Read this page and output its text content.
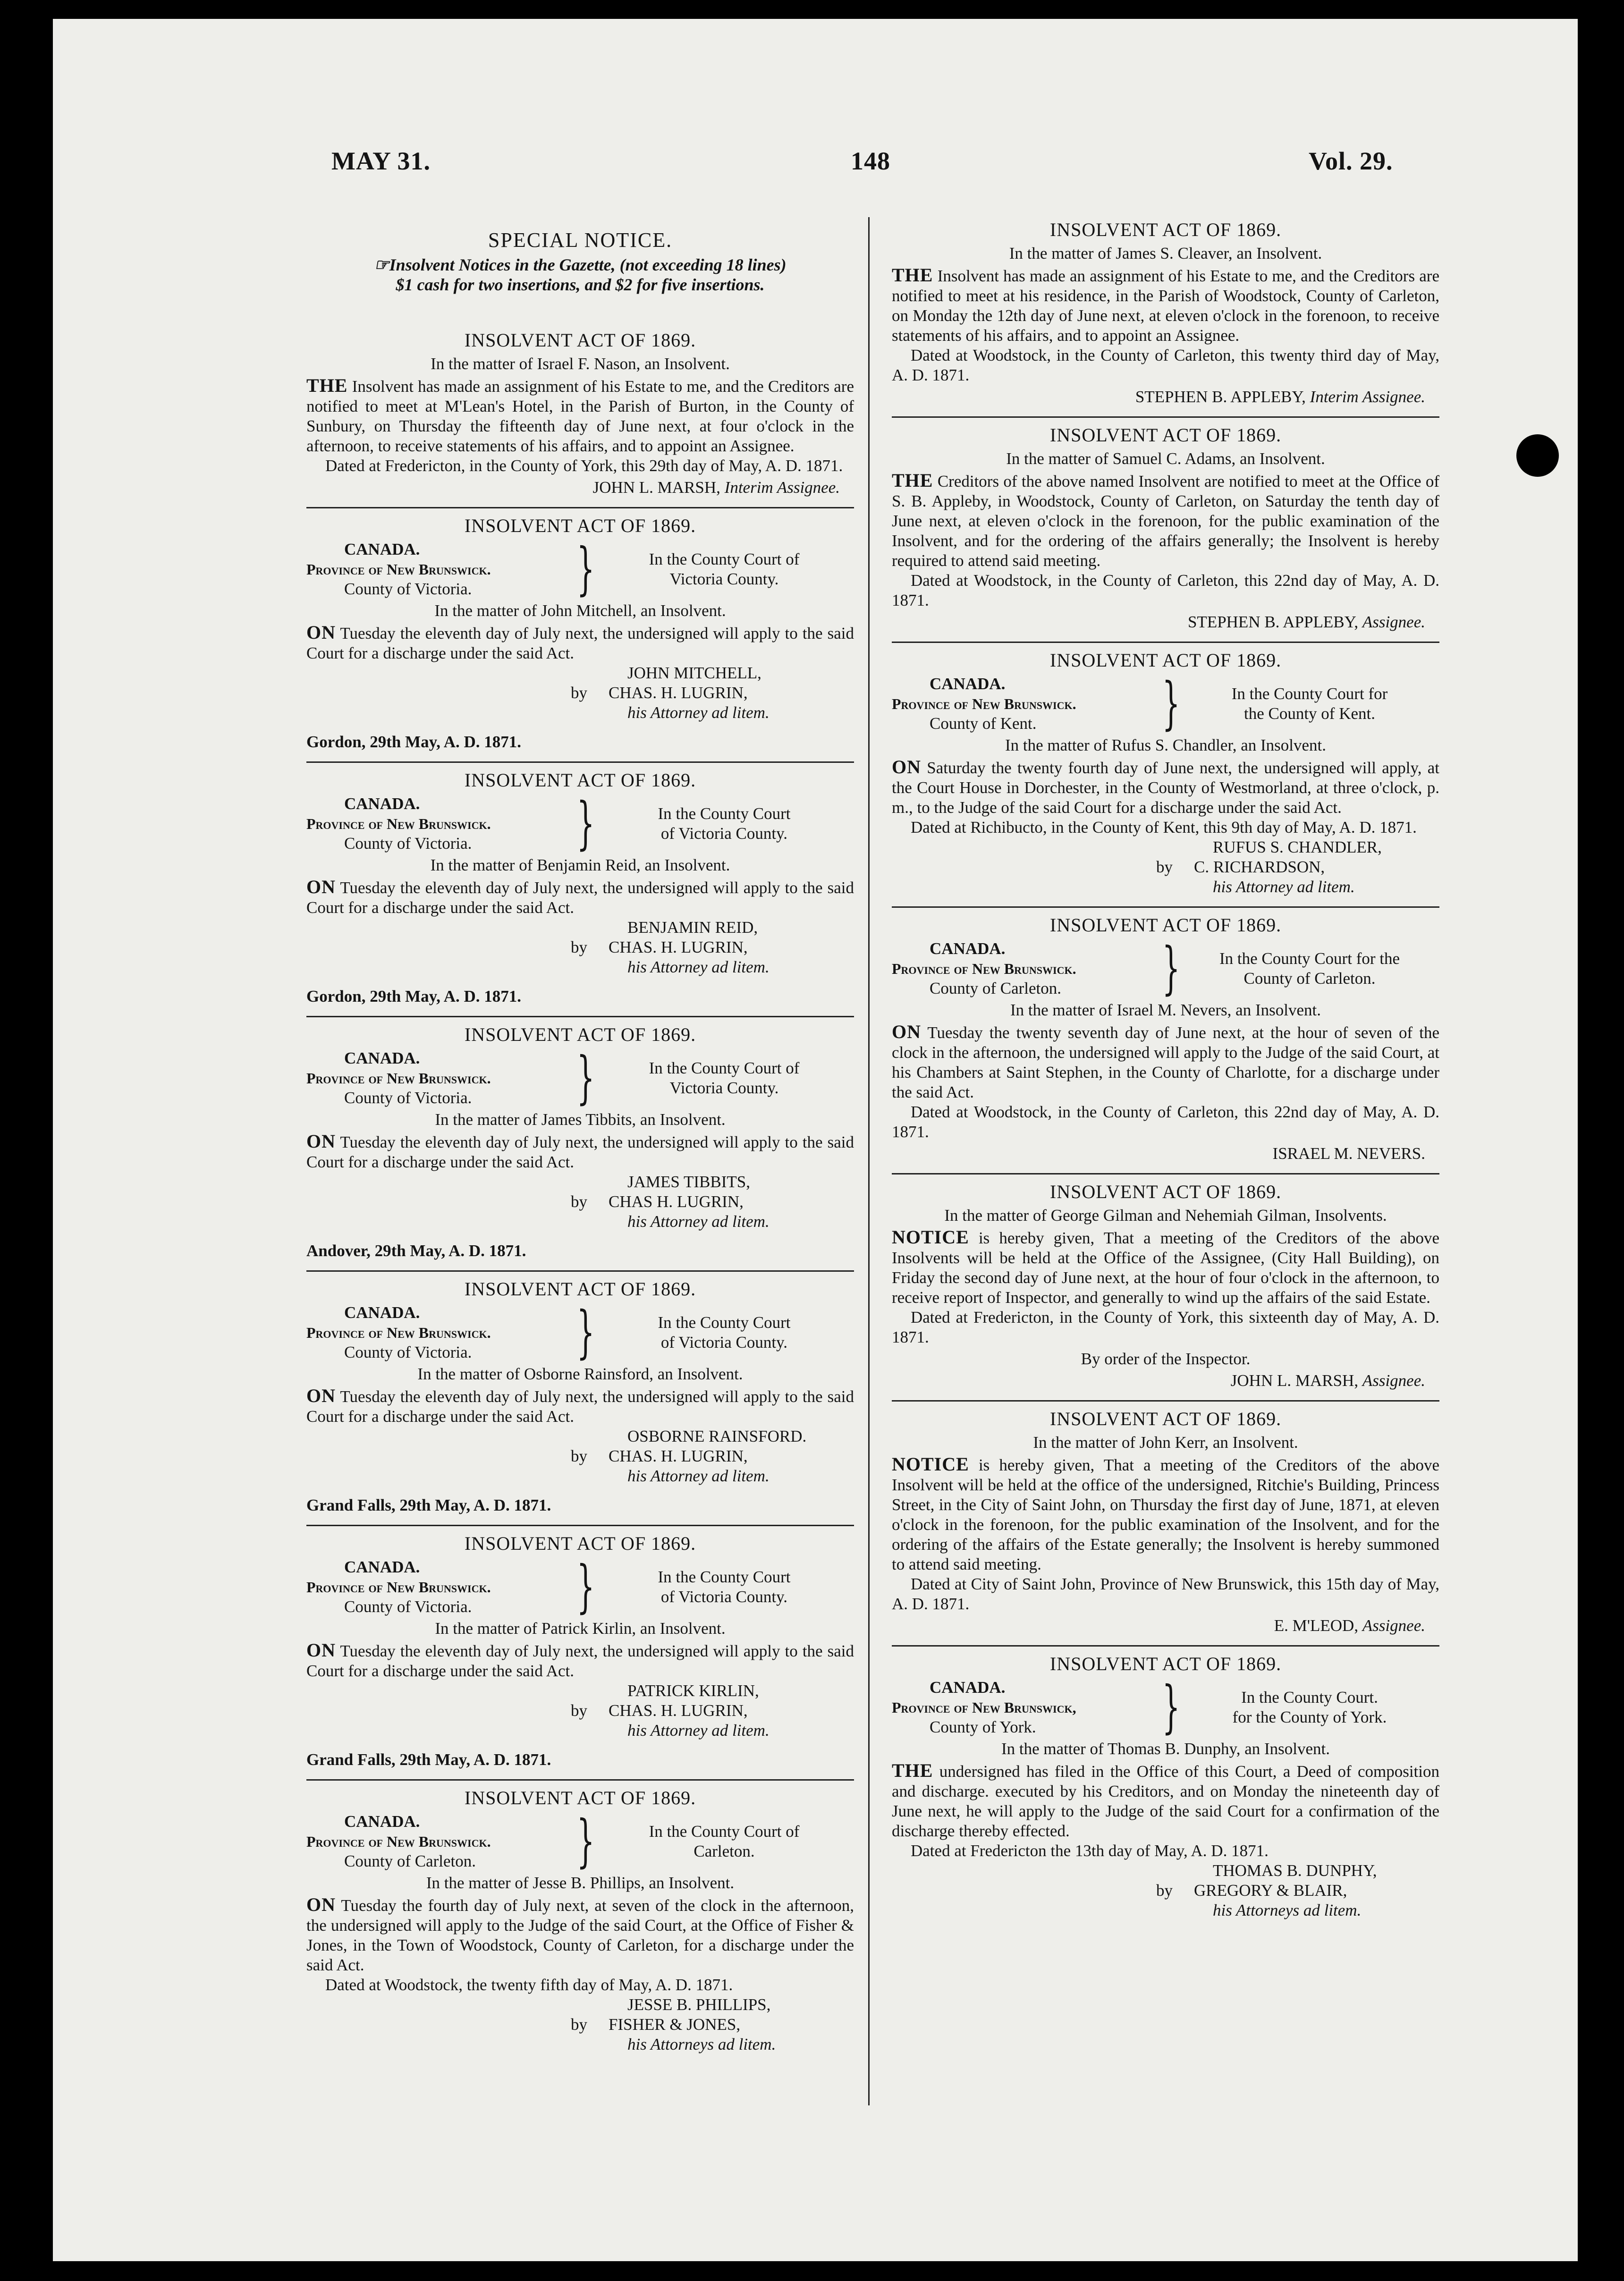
MAY 31.	148	Vol. 29.
SPECIAL NOTICE.
☞Insolvent Notices in the Gazette, (not exceeding 18 lines)
$1 cash for two insertions, and $2 for five insertions.
INSOLVENT ACT OF 1869.
In the matter of Israel F. Nason, an Insolvent.
THE Insolvent has made an assignment of his Estate to me, and the Creditors are notified to meet at M'Lean's Hotel, in the Parish of Burton, in the County of Sunbury, on Thursday the fifteenth day of June next, at four o'clock in the afternoon, to receive statements of his affairs, and to appoint an Assignee.
Dated at Fredericton, in the County of York, this 29th day of May, A. D. 1871.
JOHN L. MARSH, Interim Assignee.
INSOLVENT ACT OF 1869.
CANADA.
Province of New Brunswick.
County of Victoria.	}	In the County Court of
Victoria County.
In the matter of John Mitchell, an Insolvent.
ON Tuesday the eleventh day of July next, the undersigned will apply to the said Court for a discharge under the said Act.
JOHN MITCHELL,
by	CHAS. H. LUGRIN,
his Attorney ad litem.
Gordon, 29th May, A. D. 1871.
INSOLVENT ACT OF 1869.
CANADA.
Province of New Brunswick.
County of Victoria.	}	In the County Court
of Victoria County.
In the matter of Benjamin Reid, an Insolvent.
ON Tuesday the eleventh day of July next, the undersigned will apply to the said Court for a discharge under the said Act.
BENJAMIN REID,
by	CHAS. H. LUGRIN,
his Attorney ad litem.
Gordon, 29th May, A. D. 1871.
INSOLVENT ACT OF 1869.
CANADA.
Province of New Brunswick.
County of Victoria.	}	In the County Court of
Victoria County.
In the matter of James Tibbits, an Insolvent.
ON Tuesday the eleventh day of July next, the undersigned will apply to the said Court for a discharge under the said Act.
JAMES TIBBITS,
by	CHAS H. LUGRIN,
his Attorney ad litem.
Andover, 29th May, A. D. 1871.
INSOLVENT ACT OF 1869.
CANADA.
Province of New Brunswick.
County of Victoria.	}	In the County Court
of Victoria County.
In the matter of Osborne Rainsford, an Insolvent.
ON Tuesday the eleventh day of July next, the undersigned will apply to the said Court for a discharge under the said Act.
OSBORNE RAINSFORD.
by	CHAS. H. LUGRIN,
his Attorney ad litem.
Grand Falls, 29th May, A. D. 1871.
INSOLVENT ACT OF 1869.
CANADA.
Province of New Brunswick.
County of Victoria.	}	In the County Court
of Victoria County.
In the matter of Patrick Kirlin, an Insolvent.
ON Tuesday the eleventh day of July next, the undersigned will apply to the said Court for a discharge under the said Act.
PATRICK KIRLIN,
by	CHAS. H. LUGRIN,
his Attorney ad litem.
Grand Falls, 29th May, A. D. 1871.
INSOLVENT ACT OF 1869.
CANADA.
Province of New Brunswick.
County of Carleton.	}	In the County Court of
Carleton.
In the matter of Jesse B. Phillips, an Insolvent.
ON Tuesday the fourth day of July next, at seven of the clock in the afternoon, the undersigned will apply to the Judge of the said Court, at the Office of Fisher & Jones, in the Town of Woodstock, County of Carleton, for a discharge under the said Act.
Dated at Woodstock, the twenty fifth day of May, A. D. 1871.
JESSE B. PHILLIPS,
by	FISHER & JONES,
his Attorneys ad litem.
INSOLVENT ACT OF 1869.
In the matter of James S. Cleaver, an Insolvent.
THE Insolvent has made an assignment of his Estate to me, and the Creditors are notified to meet at his residence, in the Parish of Woodstock, County of Carleton, on Monday the 12th day of June next, at eleven o'clock in the forenoon, to receive statements of his affairs, and to appoint an Assignee.
Dated at Woodstock, in the County of Carleton, this twenty third day of May, A. D. 1871.
STEPHEN B. APPLEBY, Interim Assignee.
INSOLVENT ACT OF 1869.
In the matter of Samuel C. Adams, an Insolvent.
THE Creditors of the above named Insolvent are notified to meet at the Office of S. B. Appleby, in Woodstock, County of Carleton, on Saturday the tenth day of June next, at eleven o'clock in the forenoon, for the public examination of the Insolvent, and for the ordering of the affairs generally; the Insolvent is hereby required to attend said meeting.
Dated at Woodstock, in the County of Carleton, this 22nd day of May, A. D. 1871.
STEPHEN B. APPLEBY, Assignee.
INSOLVENT ACT OF 1869.
CANADA.
Province of New Brunswick.
County of Kent.	}	In the County Court for
the County of Kent.
In the matter of Rufus S. Chandler, an Insolvent.
ON Saturday the twenty fourth day of June next, the undersigned will apply, at the Court House in Dorchester, in the County of Westmorland, at three o'clock, p. m., to the Judge of the said Court for a discharge under the said Act.
Dated at Richibucto, in the County of Kent, this 9th day of May, A. D. 1871.
RUFUS S. CHANDLER,
by	C. RICHARDSON,
his Attorney ad litem.
INSOLVENT ACT OF 1869.
CANADA.
Province of New Brunswick.
County of Carleton.	}	In the County Court for the
County of Carleton.
In the matter of Israel M. Nevers, an Insolvent.
ON Tuesday the twenty seventh day of June next, at the hour of seven of the clock in the afternoon, the undersigned will apply to the Judge of the said Court, at his Chambers at Saint Stephen, in the County of Charlotte, for a discharge under the said Act.
Dated at Woodstock, in the County of Carleton, this 22nd day of May, A. D. 1871.
ISRAEL M. NEVERS.
INSOLVENT ACT OF 1869.
In the matter of George Gilman and Nehemiah Gilman, Insolvents.
NOTICE is hereby given, That a meeting of the Creditors of the above Insolvents will be held at the Office of the Assignee, (City Hall Building), on Friday the second day of June next, at the hour of four o'clock in the afternoon, to receive report of Inspector, and generally to wind up the affairs of the said Estate.
Dated at Fredericton, in the County of York, this sixteenth day of May, A. D. 1871.
By order of the Inspector.
JOHN L. MARSH, Assignee.
INSOLVENT ACT OF 1869.
In the matter of John Kerr, an Insolvent.
NOTICE is hereby given, That a meeting of the Creditors of the above Insolvent will be held at the office of the undersigned, Ritchie's Building, Princess Street, in the City of Saint John, on Thursday the first day of June, 1871, at eleven o'clock in the forenoon, for the public examination of the Insolvent, and for the ordering of the affairs of the Estate generally; the Insolvent is hereby summoned to attend said meeting.
Dated at City of Saint John, Province of New Brunswick, this 15th day of May, A. D. 1871.
E. M'LEOD, Assignee.
INSOLVENT ACT OF 1869.
CANADA.
Province of New Brunswick,
County of York.	}	In the County Court.
for the County of York.
In the matter of Thomas B. Dunphy, an Insolvent.
THE undersigned has filed in the Office of this Court, a Deed of composition and discharge. executed by his Creditors, and on Monday the nineteenth day of June next, he will apply to the Judge of the said Court for a confirmation of the discharge thereby effected.
Dated at Fredericton the 13th day of May, A. D. 1871.
THOMAS B. DUNPHY,
by	GREGORY & BLAIR,
his Attorneys ad litem.
